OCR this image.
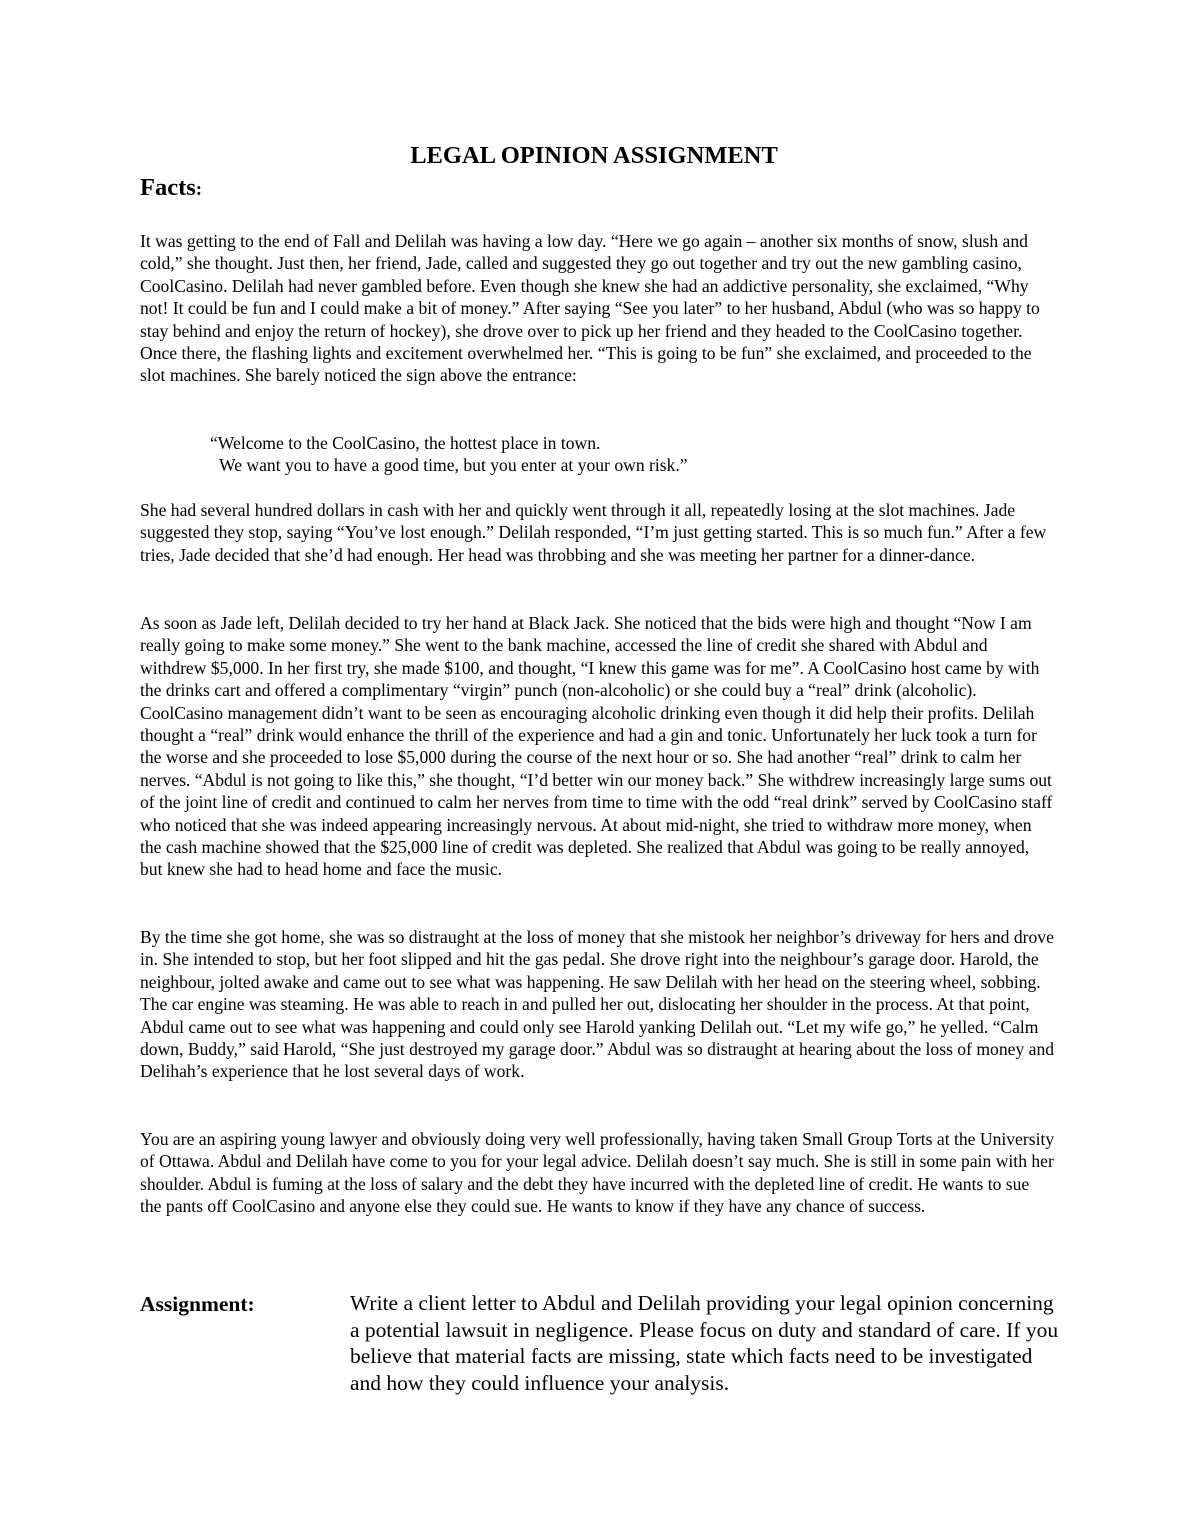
LEGAL OPINION ASSIGNMENT
Facts:

It was getting to the end of Fall and Delilah was having a low day. “Here we go again – another six months of snow, slush and cold,” she thought. Just then, her friend, Jade, called and suggested they go out together and try out the new gambling casino, CoolCasino. Delilah had never gambled before. Even though she knew she had an addictive personality, she exclaimed, “Why not! It could be fun and I could make a bit of money.” After saying “See you later” to her husband, Abdul (who was so happy to stay behind and enjoy the return of hockey), she drove over to pick up her friend and they headed to the CoolCasino together. Once there, the flashing lights and excitement overwhelmed her. “This is going to be fun” she exclaimed, and proceeded to the slot machines. She barely noticed the sign above the entrance:

“Welcome to the CoolCasino, the hottest place in town.
We want you to have a good time, but you enter at your own risk.”

She had several hundred dollars in cash with her and quickly went through it all, repeatedly losing at the slot machines. Jade suggested they stop, saying “You’ve lost enough.” Delilah responded, “I’m just getting started. This is so much fun.” After a few tries, Jade decided that she’d had enough. Her head was throbbing and she was meeting her partner for a dinner-dance.

As soon as Jade left, Delilah decided to try her hand at Black Jack. She noticed that the bids were high and thought “Now I am really going to make some money.” She went to the bank machine, accessed the line of credit she shared with Abdul and withdrew $5,000. In her first try, she made $100, and thought, “I knew this game was for me”. A CoolCasino host came by with the drinks cart and offered a complimentary “virgin” punch (non-alcoholic) or she could buy a “real” drink (alcoholic). CoolCasino management didn’t want to be seen as encouraging alcoholic drinking even though it did help their profits. Delilah thought a “real” drink would enhance the thrill of the experience and had a gin and tonic. Unfortunately her luck took a turn for the worse and she proceeded to lose $5,000 during the course of the next hour or so. She had another “real” drink to calm her nerves. “Abdul is not going to like this,” she thought, “I’d better win our money back.” She withdrew increasingly large sums out of the joint line of credit and continued to calm her nerves from time to time with the odd “real drink” served by CoolCasino staff who noticed that she was indeed appearing increasingly nervous. At about mid-night, she tried to withdraw more money, when the cash machine showed that the $25,000 line of credit was depleted. She realized that Abdul was going to be really annoyed, but knew she had to head home and face the music.

By the time she got home, she was so distraught at the loss of money that she mistook her neighbor’s driveway for hers and drove in. She intended to stop, but her foot slipped and hit the gas pedal. She drove right into the neighbour’s garage door. Harold, the neighbour, jolted awake and came out to see what was happening. He saw Delilah with her head on the steering wheel, sobbing. The car engine was steaming. He was able to reach in and pulled her out, dislocating her shoulder in the process. At that point, Abdul came out to see what was happening and could only see Harold yanking Delilah out. “Let my wife go,” he yelled. “Calm down, Buddy,” said Harold, “She just destroyed my garage door.” Abdul was so distraught at hearing about the loss of money and Delihah’s experience that he lost several days of work.

You are an aspiring young lawyer and obviously doing very well professionally, having taken Small Group Torts at the University of Ottawa. Abdul and Delilah have come to you for your legal advice. Delilah doesn’t say much. She is still in some pain with her shoulder. Abdul is fuming at the loss of salary and the debt they have incurred with the depleted line of credit. He wants to sue the pants off CoolCasino and anyone else they could sue. He wants to know if they have any chance of success.

Assignment:	Write a client letter to Abdul and Delilah providing your legal opinion concerning a potential lawsuit in negligence. Please focus on duty and standard of care. If you believe that material facts are missing, state which facts need to be investigated and how they could influence your analysis.
